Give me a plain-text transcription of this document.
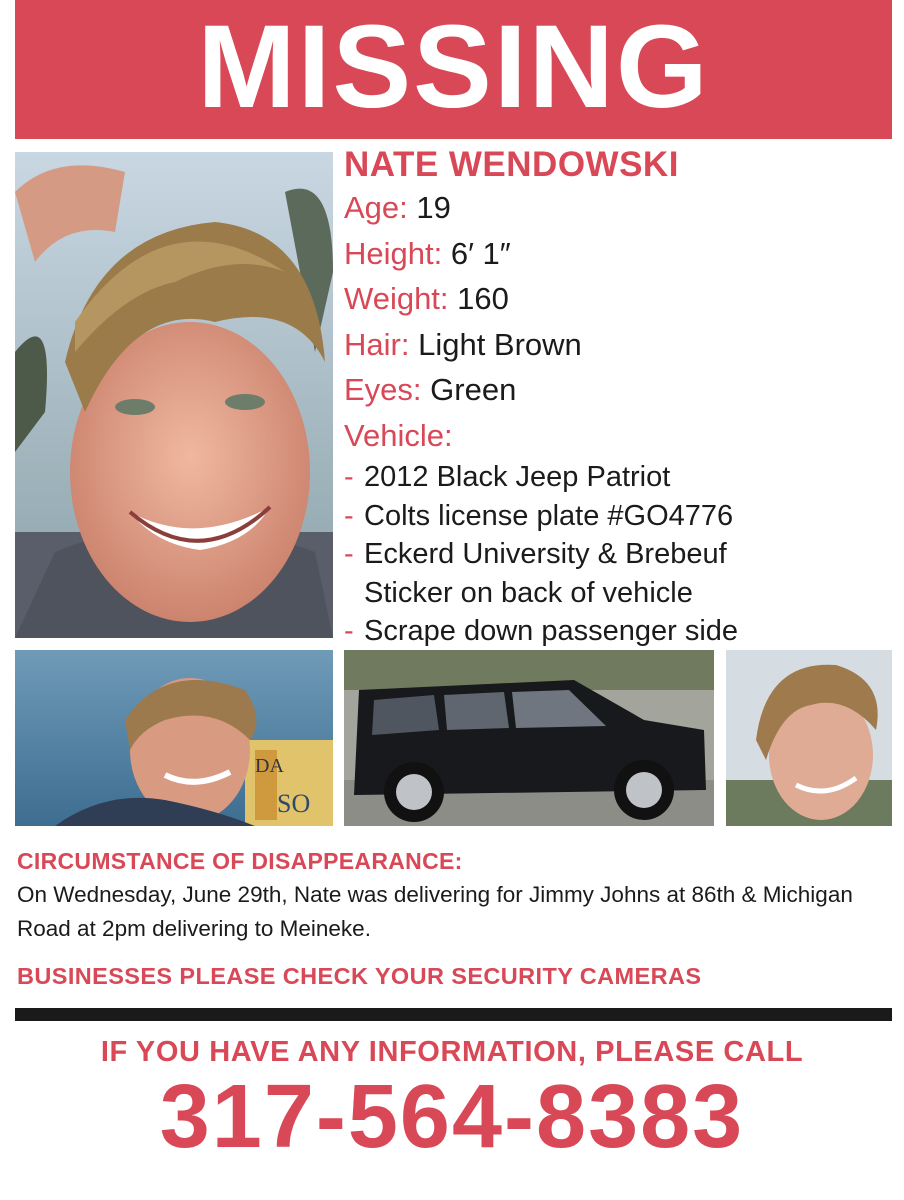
MISSING
NATE WENDOWSKI
Age: 19
Height: 6′ 1″
Weight: 160
Hair: Light Brown
Eyes: Green
Vehicle:
- 2012 Black Jeep Patriot
- Colts license plate #GO4776
- Eckerd University & Brebeuf
Sticker on back of vehicle
- Scrape down passenger side
DA
SO
CIRCUMSTANCE OF DISAPPEARANCE:
On Wednesday, June 29th, Nate was delivering for Jimmy Johns at 86th & Michigan Road at 2pm delivering to Meineke.
BUSINESSES PLEASE CHECK YOUR SECURITY CAMERAS
IF YOU HAVE ANY INFORMATION, PLEASE CALL
317-564-8383
